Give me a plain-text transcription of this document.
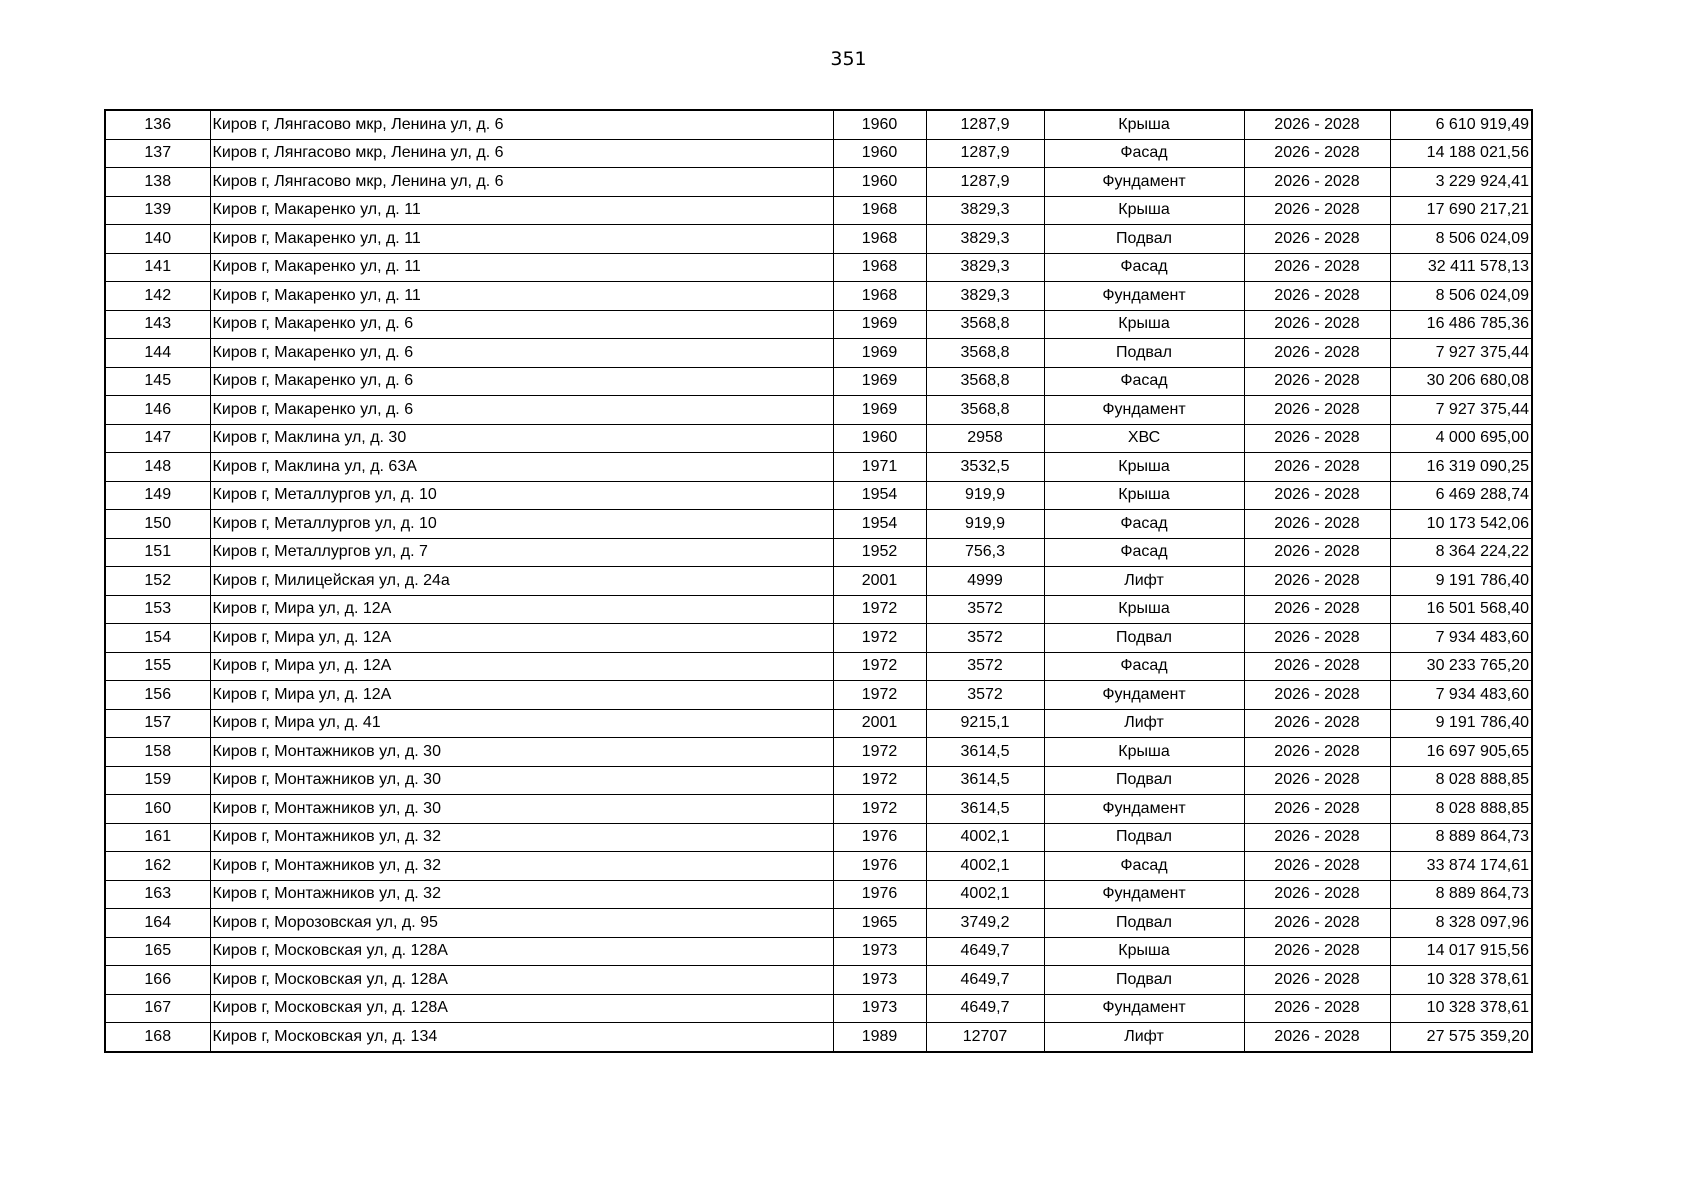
351
136	Киров г, Лянгасово мкр, Ленина ул, д. 6	1960	1287,9	Крыша	2026 - 2028	6 610 919,49
137	Киров г, Лянгасово мкр, Ленина ул, д. 6	1960	1287,9	Фасад	2026 - 2028	14 188 021,56
138	Киров г, Лянгасово мкр, Ленина ул, д. 6	1960	1287,9	Фундамент	2026 - 2028	3 229 924,41
139	Киров г, Макаренко ул, д. 11	1968	3829,3	Крыша	2026 - 2028	17 690 217,21
140	Киров г, Макаренко ул, д. 11	1968	3829,3	Подвал	2026 - 2028	8 506 024,09
141	Киров г, Макаренко ул, д. 11	1968	3829,3	Фасад	2026 - 2028	32 411 578,13
142	Киров г, Макаренко ул, д. 11	1968	3829,3	Фундамент	2026 - 2028	8 506 024,09
143	Киров г, Макаренко ул, д. 6	1969	3568,8	Крыша	2026 - 2028	16 486 785,36
144	Киров г, Макаренко ул, д. 6	1969	3568,8	Подвал	2026 - 2028	7 927 375,44
145	Киров г, Макаренко ул, д. 6	1969	3568,8	Фасад	2026 - 2028	30 206 680,08
146	Киров г, Макаренко ул, д. 6	1969	3568,8	Фундамент	2026 - 2028	7 927 375,44
147	Киров г, Маклина ул, д. 30	1960	2958	ХВС	2026 - 2028	4 000 695,00
148	Киров г, Маклина ул, д. 63А	1971	3532,5	Крыша	2026 - 2028	16 319 090,25
149	Киров г, Металлургов ул, д. 10	1954	919,9	Крыша	2026 - 2028	6 469 288,74
150	Киров г, Металлургов ул, д. 10	1954	919,9	Фасад	2026 - 2028	10 173 542,06
151	Киров г, Металлургов ул, д. 7	1952	756,3	Фасад	2026 - 2028	8 364 224,22
152	Киров г, Милицейская ул, д. 24а	2001	4999	Лифт	2026 - 2028	9 191 786,40
153	Киров г, Мира ул, д. 12А	1972	3572	Крыша	2026 - 2028	16 501 568,40
154	Киров г, Мира ул, д. 12А	1972	3572	Подвал	2026 - 2028	7 934 483,60
155	Киров г, Мира ул, д. 12А	1972	3572	Фасад	2026 - 2028	30 233 765,20
156	Киров г, Мира ул, д. 12А	1972	3572	Фундамент	2026 - 2028	7 934 483,60
157	Киров г, Мира ул, д. 41	2001	9215,1	Лифт	2026 - 2028	9 191 786,40
158	Киров г, Монтажников ул, д. 30	1972	3614,5	Крыша	2026 - 2028	16 697 905,65
159	Киров г, Монтажников ул, д. 30	1972	3614,5	Подвал	2026 - 2028	8 028 888,85
160	Киров г, Монтажников ул, д. 30	1972	3614,5	Фундамент	2026 - 2028	8 028 888,85
161	Киров г, Монтажников ул, д. 32	1976	4002,1	Подвал	2026 - 2028	8 889 864,73
162	Киров г, Монтажников ул, д. 32	1976	4002,1	Фасад	2026 - 2028	33 874 174,61
163	Киров г, Монтажников ул, д. 32	1976	4002,1	Фундамент	2026 - 2028	8 889 864,73
164	Киров г, Морозовская ул, д. 95	1965	3749,2	Подвал	2026 - 2028	8 328 097,96
165	Киров г, Московская ул, д. 128А	1973	4649,7	Крыша	2026 - 2028	14 017 915,56
166	Киров г, Московская ул, д. 128А	1973	4649,7	Подвал	2026 - 2028	10 328 378,61
167	Киров г, Московская ул, д. 128А	1973	4649,7	Фундамент	2026 - 2028	10 328 378,61
168	Киров г, Московская ул, д. 134	1989	12707	Лифт	2026 - 2028	27 575 359,20
